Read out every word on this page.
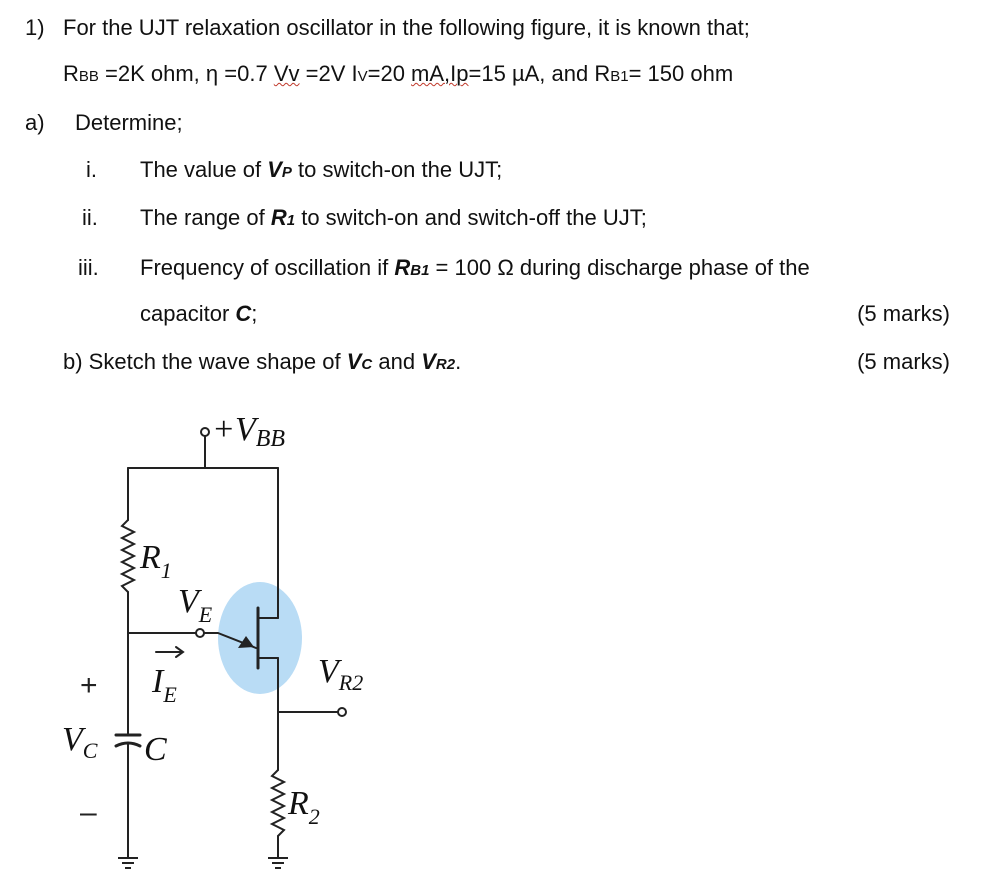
1) For the UJT relaxation oscillator in the following figure, it is known that;
RBB =2K ohm, η =0.7 Vv =2V IV=20 mA,Ip=15 µA, and RB1= 150 ohm
a) Determine;
i. The value of VP to switch-on the UJT;
ii. The range of R1 to switch-on and switch-off the UJT;
iii. Frequency of oscillation if RB1 = 100 Ω during discharge phase of the
capacitor C;	(5 marks)
b) Sketch the wave shape of VC and VR2.	(5 marks)
+VBB
$R_1$
$V_E$
$I_E$
+
$V_C$ C
–
$V_{R2}$
$R_2$
